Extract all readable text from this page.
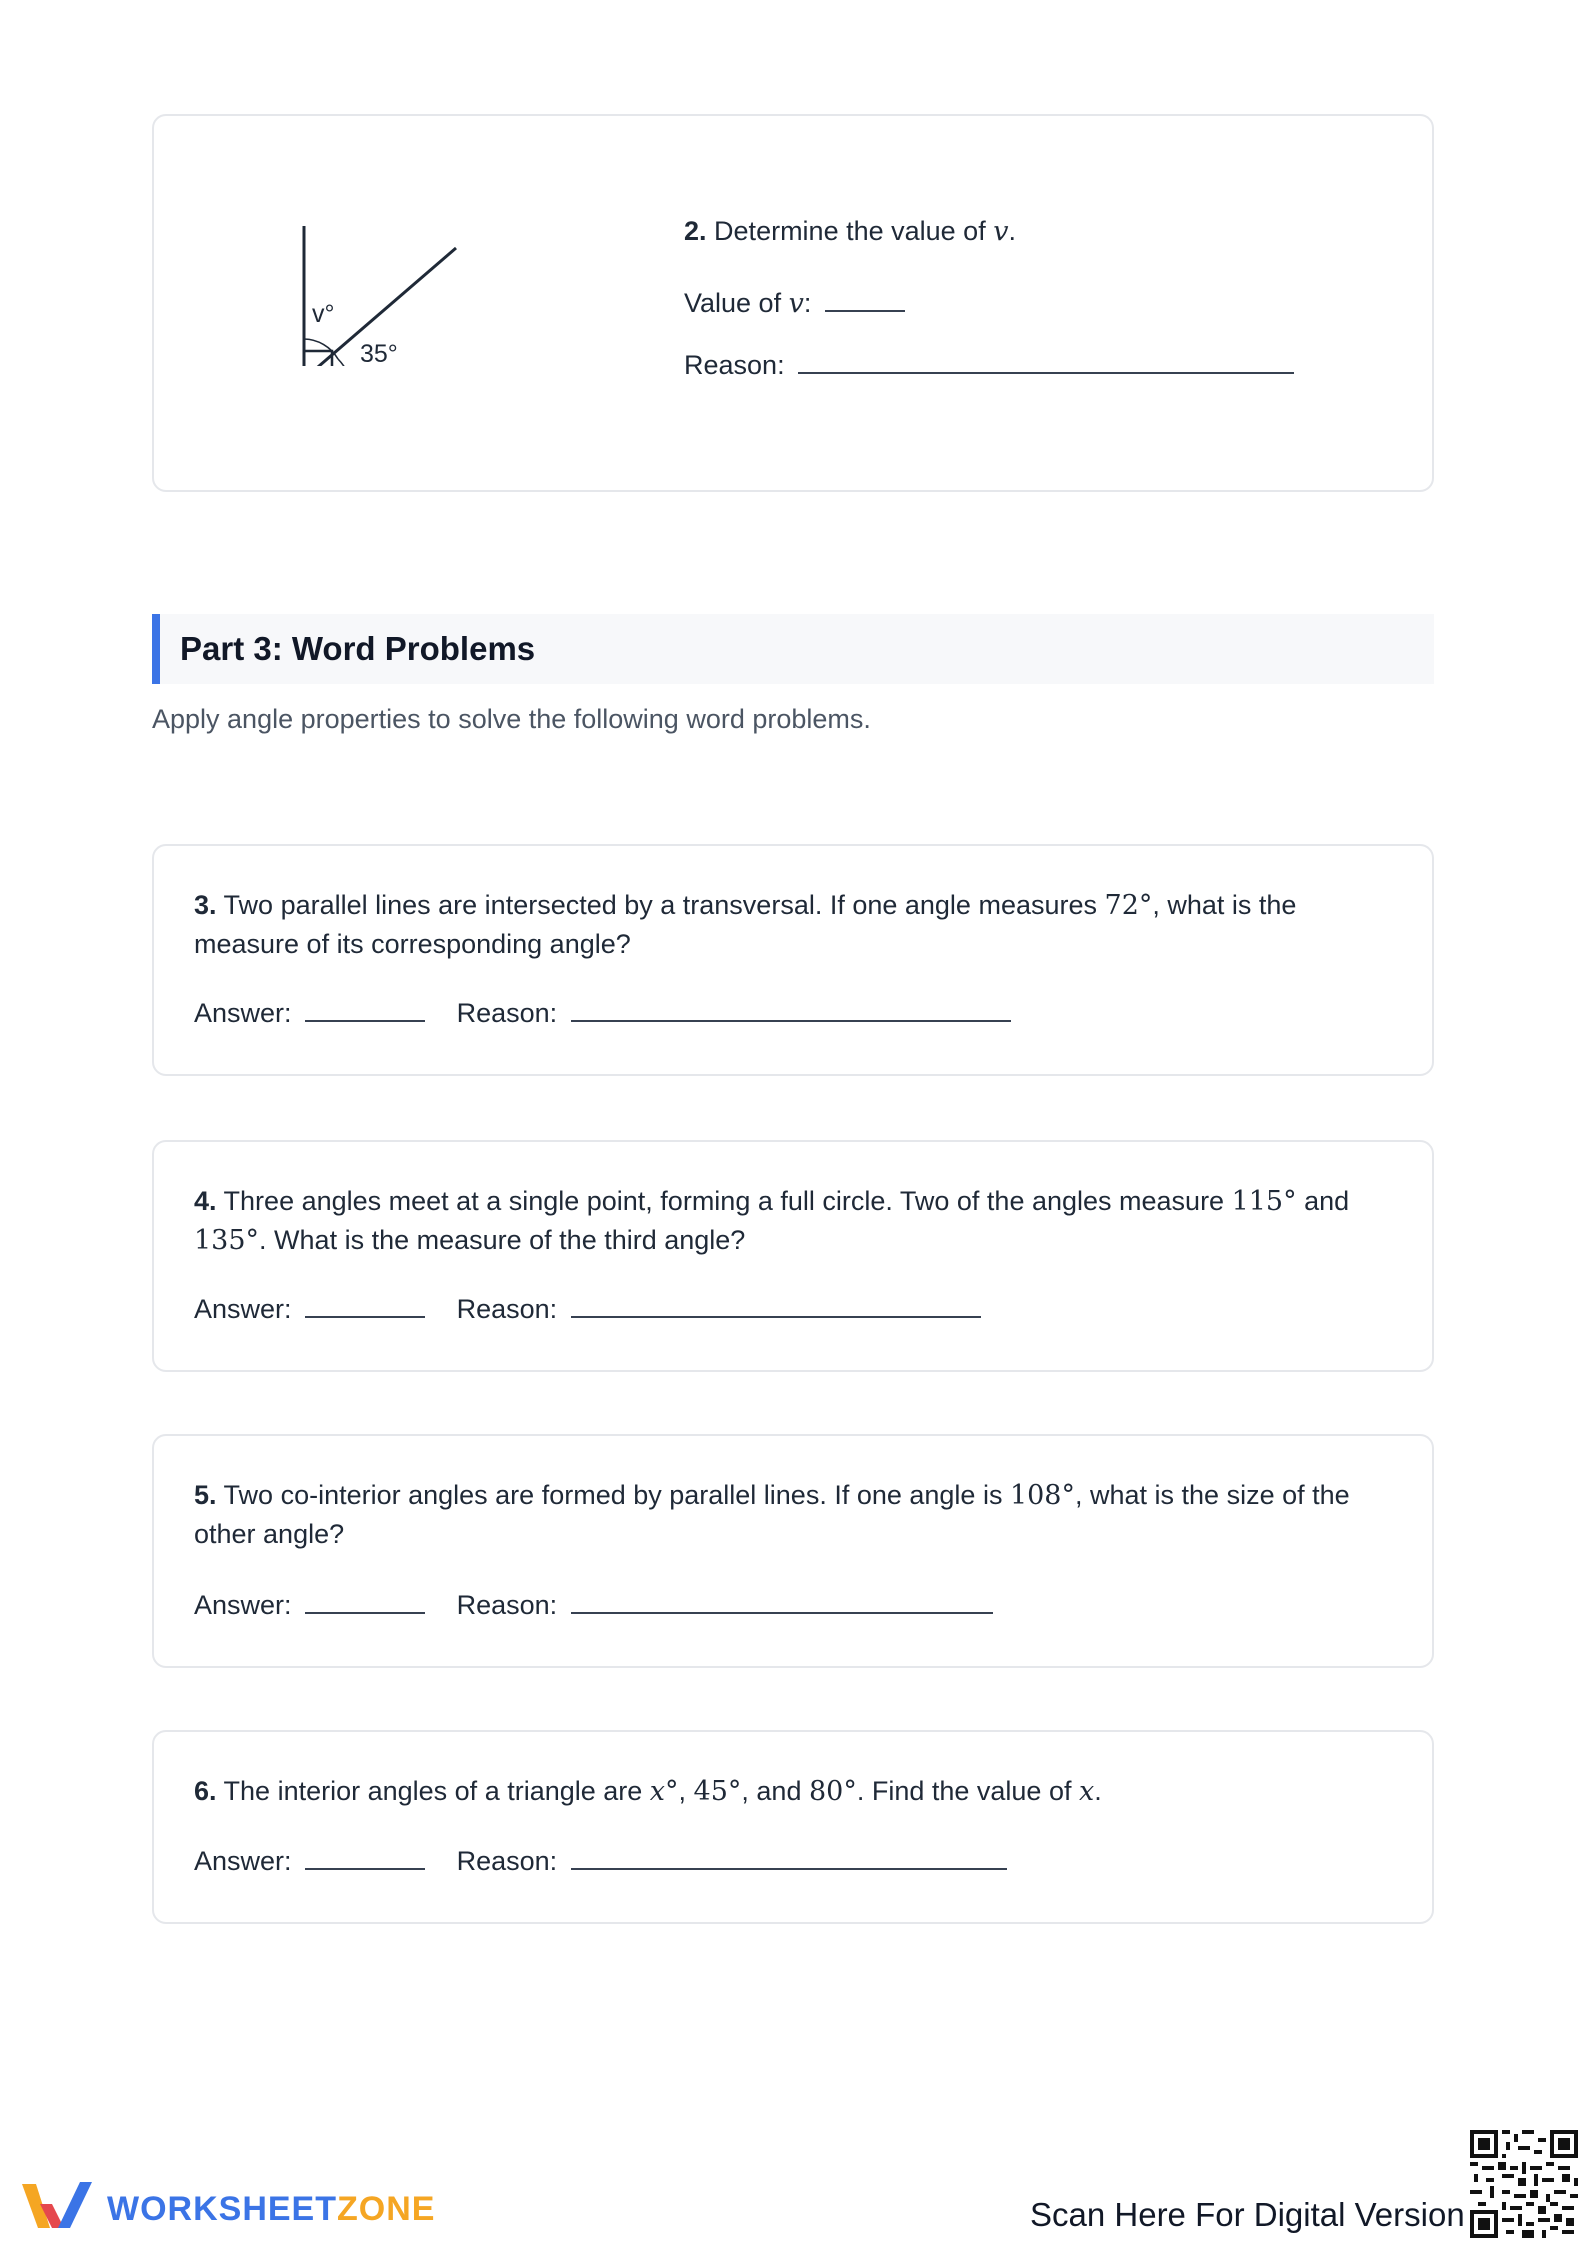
v°
35°
2. Determine the value of v.
Value of v:
Reason:
Part 3: Word Problems
Apply angle properties to solve the following word problems.
3. Two parallel lines are intersected by a transversal. If one angle measures 72°, what is the
measure of its corresponding angle?
Answer:	Reason:
4. Three angles meet at a single point, forming a full circle. Two of the angles measure 115° and
135°. What is the measure of the third angle?
Answer:	Reason:
5. Two co-interior angles are formed by parallel lines. If one angle is 108°, what is the size of the
other angle?
Answer:	Reason:
6. The interior angles of a triangle are x°, 45°, and 80°. Find the value of x.
Answer:	Reason:
WORKSHEETZONE	Scan Here For Digital Version
